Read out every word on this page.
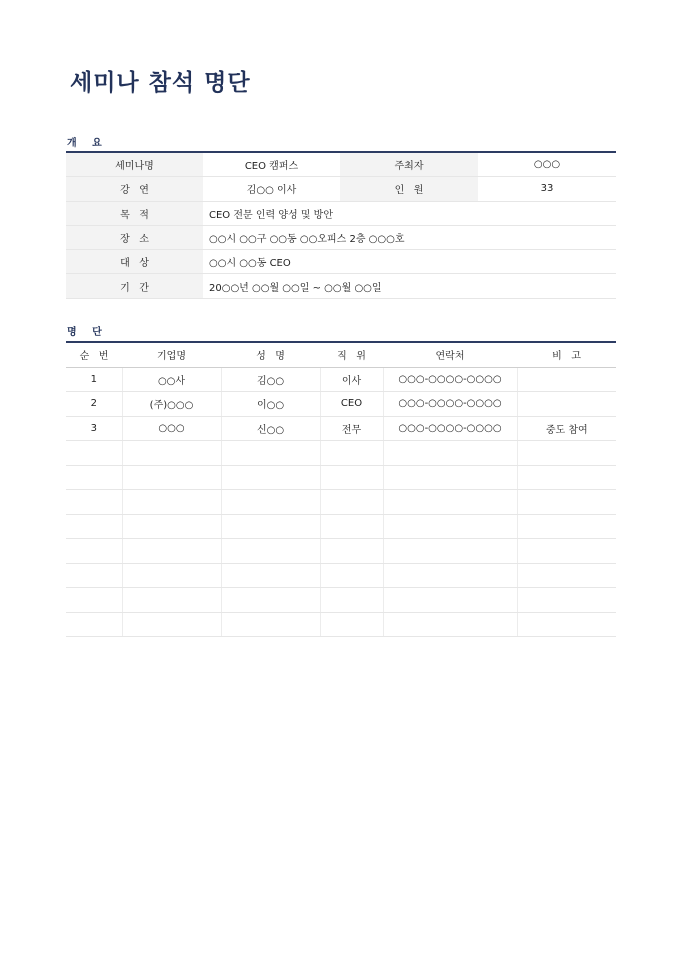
세미나 참석 명단
개 요
세미나명	CEO 캠퍼스	주최자	○○○
강   연	김○○ 이사	인   원	33
목   적	CEO 전문 인력 양성 및 방안		
장   소	○○시 ○○구 ○○동 ○○오피스 2층 ○○○호		
대   상	○○시 ○○동 CEO		
기   간	20○○년 ○○월 ○○일 ~ ○○월 ○○일		
명 단
순   번	기업명	성   명	직   위	연락처	비   고
1	○○사	김○○	이사	○○○-○○○○-○○○○	
2	(주)○○○	이○○	CEO	○○○-○○○○-○○○○	
3	○○○	신○○	전무	○○○-○○○○-○○○○	중도 참여
